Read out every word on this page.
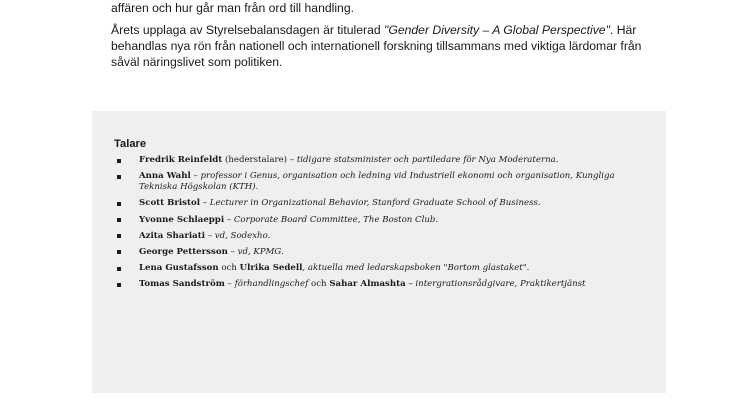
affären och hur går man från ord till handling.

Årets upplaga av Styrelsebalansdagen är titulerad "Gender Diversity – A Global Perspective". Här behandlas nya rön från nationell och internationell forskning tillsammans med viktiga lärdomar från såväl näringslivet som politiken.

Talare
Fredrik Reinfeldt (hederstalare) – tidigare statsminister och partiledare för Nya Moderaterna.
Anna Wahl – professor i Genus, organisation och ledning vid Industriell ekonomi och organisation, Kungliga Tekniska Högskolan (KTH).
Scott Bristol – Lecturer in Organizational Behavior, Stanford Graduate School of Business.
Yvonne Schlaeppi – Corporate Board Committee, The Boston Club.
Azita Shariati – vd, Sodexho.
George Pettersson – vd, KPMG.
Lena Gustafsson och Ulrika Sedell, aktuella med ledarskapsboken "Bortom glastaket".
Tomas Sandström – förhandlingschef och Sahar Almashta – intergrationsrådgivare, Praktikertjänst
